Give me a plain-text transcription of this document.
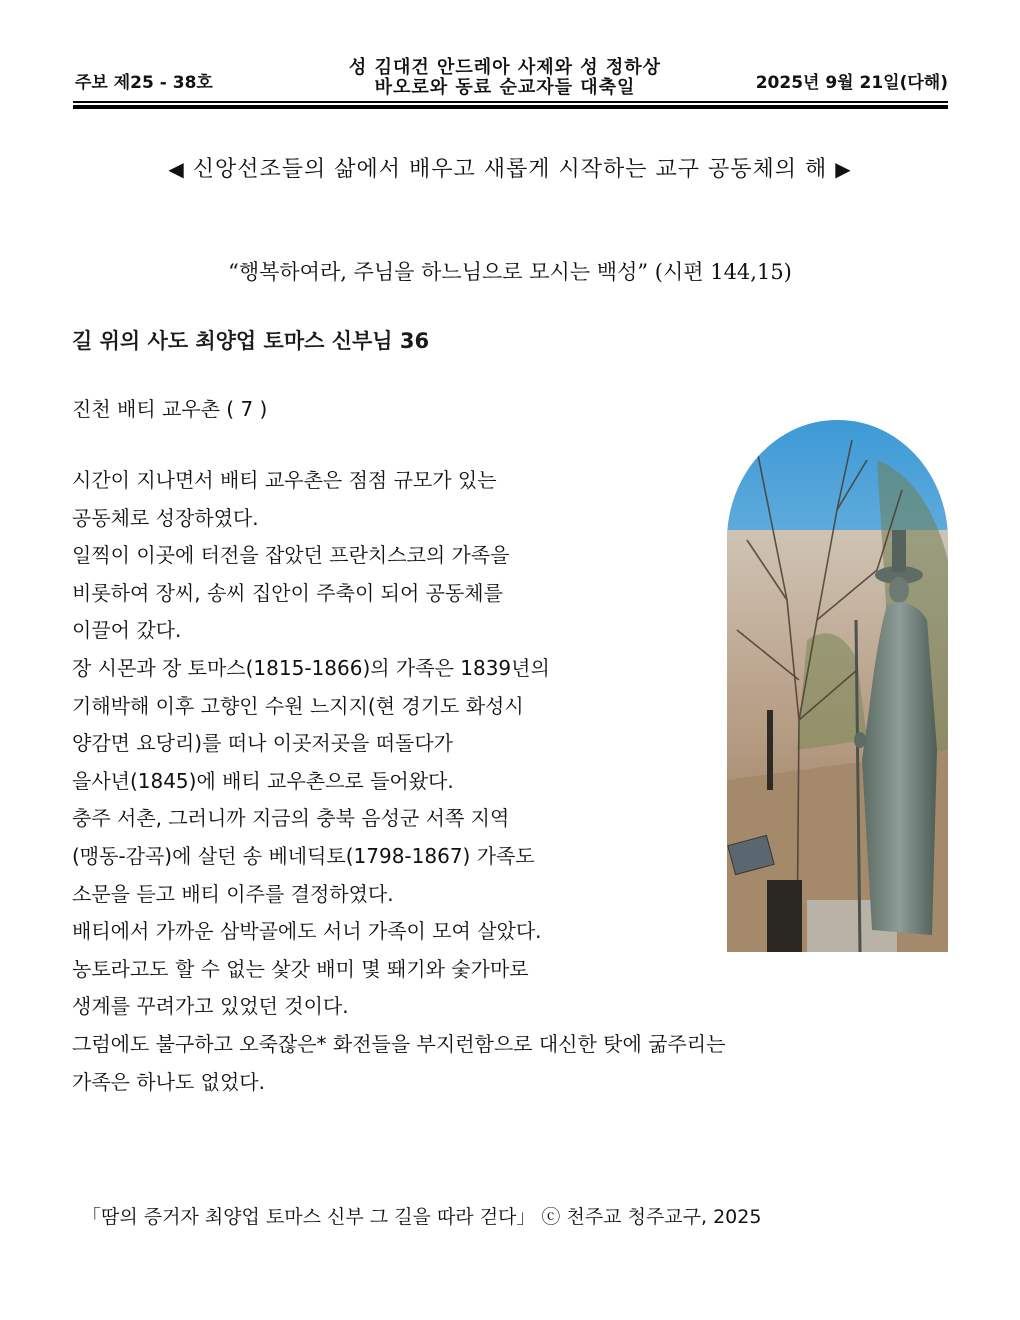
주보 제25 - 38호
성 김대건 안드레아 사제와 성 정하상
바오로와 동료 순교자들 대축일	2025년 9월 21일(다해)
◀ 신앙선조들의 삶에서 배우고 새롭게 시작하는 교구 공동체의 해 ▶
“행복하여라, 주님을 하느님으로 모시는 백성” (시편 144,15)
길 위의 사도 최양업 토마스 신부님 36
진천 배티 교우촌 ( 7 )
시간이 지나면서 배티 교우촌은 점점 규모가 있는
공동체로 성장하였다.
일찍이 이곳에 터전을 잡았던 프란치스코의 가족을
비롯하여 장씨, 송씨 집안이 주축이 되어 공동체를
이끌어 갔다.
장 시몬과 장 토마스(1815-1866)의 가족은 1839년의
기해박해 이후 고향인 수원 느지지(현 경기도 화성시
양감면 요당리)를 떠나 이곳저곳을 떠돌다가
을사년(1845)에 배티 교우촌으로 들어왔다.
충주 서촌, 그러니까 지금의 충북 음성군 서쪽 지역
(맹동-감곡)에 살던 송 베네딕토(1798-1867) 가족도
소문을 듣고 배티 이주를 결정하였다.
배티에서 가까운 삼박골에도 서너 가족이 모여 살았다.
농토라고도 할 수 없는 샃갓 배미 몇 뙈기와 숯가마로
생계를 꾸려가고 있었던 것이다.
그럼에도 불구하고 오죽잖은* 화전들을 부지런함으로 대신한 탓에 굶주리는
가족은 하나도 없었다.
「땀의 증거자 최양업 토마스 신부 그 길을 따라 걷다」 ⓒ 천주교 청주교구, 2025
